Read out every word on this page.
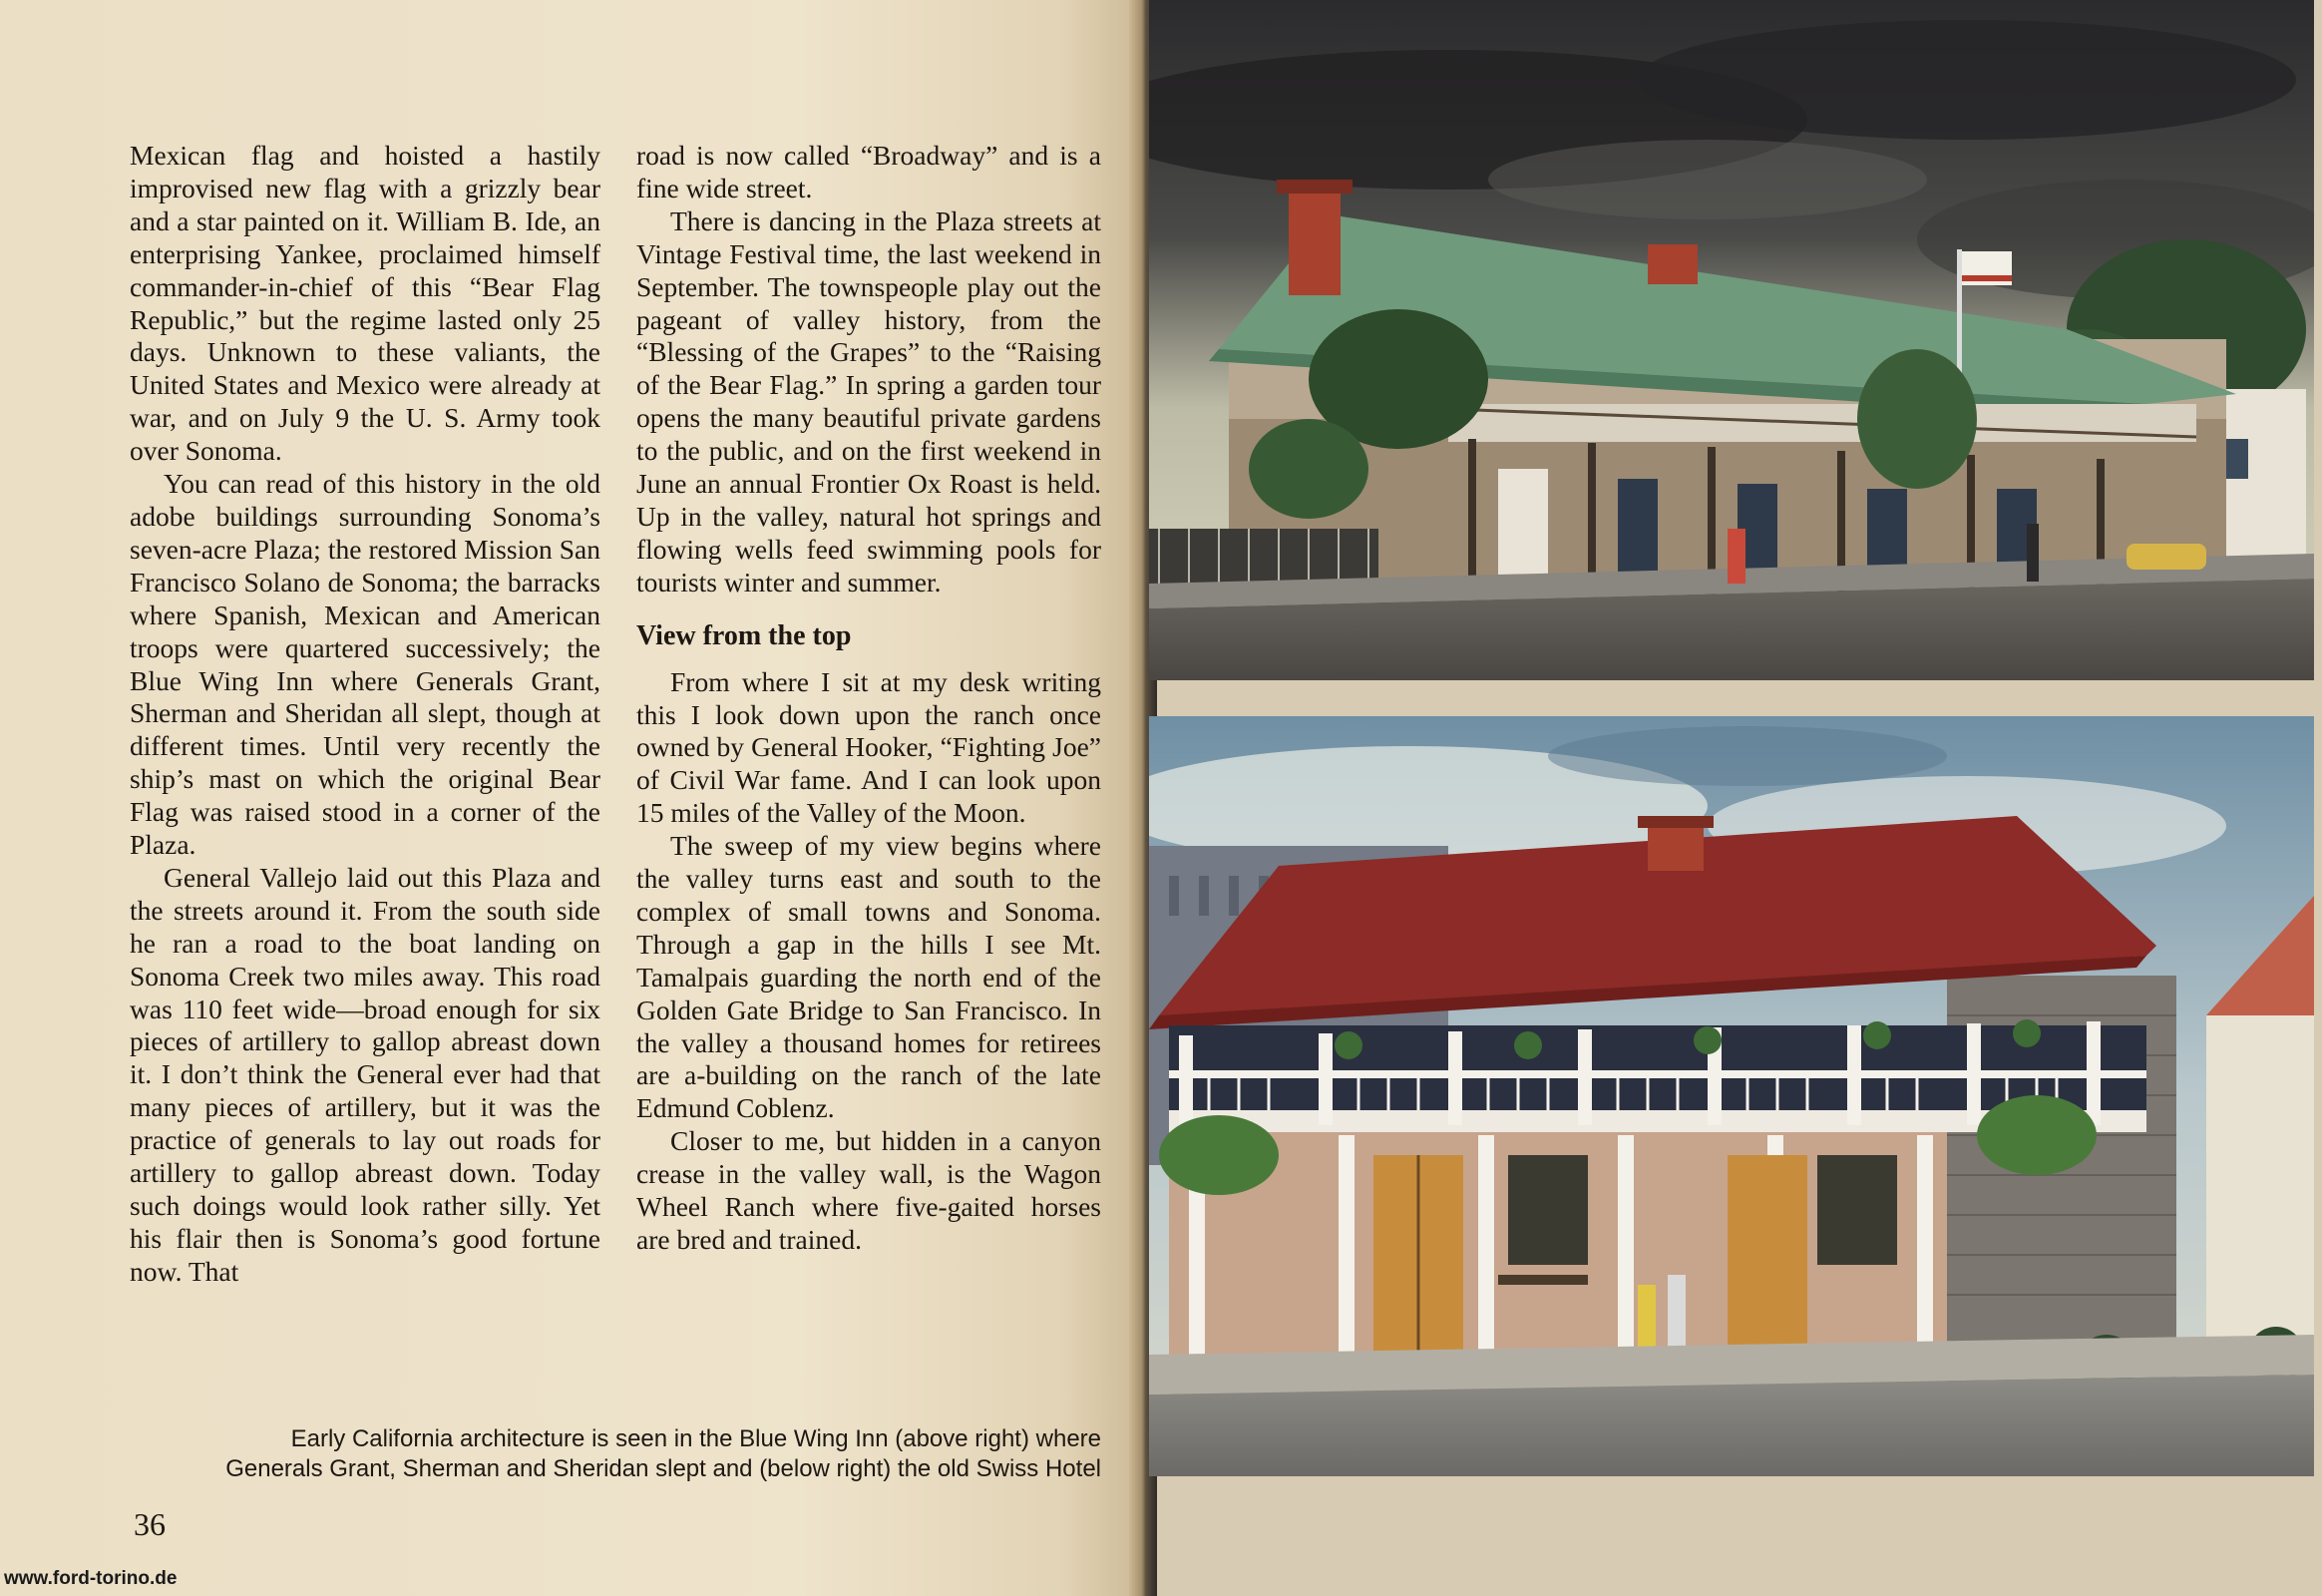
Mexican flag and hoisted a hastily improvised new flag with a grizzly bear and a star painted on it. William B. Ide, an enterprising Yankee, proclaimed himself commander-in-chief of this “Bear Flag Republic,” but the regime lasted only 25 days. Unknown to these valiants, the United States and Mexico were already at war, and on July 9 the U. S. Army took over Sonoma.

You can read of this history in the old adobe buildings surrounding Sonoma’s seven-acre Plaza; the restored Mission San Francisco Solano de Sonoma; the barracks where Spanish, Mexican and American troops were quartered successively; the Blue Wing Inn where Generals Grant, Sherman and Sheridan all slept, though at different times. Until very recently the ship’s mast on which the original Bear Flag was raised stood in a corner of the Plaza.

General Vallejo laid out this Plaza and the streets around it. From the south side he ran a road to the boat landing on Sonoma Creek two miles away. This road was 110 feet wide—broad enough for six pieces of artillery to gallop abreast down it. I don’t think the General ever had that many pieces of artillery, but it was the practice of generals to lay out roads for artillery to gallop abreast down. Today such doings would look rather silly. Yet his flair then is Sonoma’s good fortune now. That

road is now called “Broadway” and is a fine wide street.

There is dancing in the Plaza streets at Vintage Festival time, the last weekend in September. The townspeople play out the pageant of valley history, from the “Blessing of the Grapes” to the “Raising of the Bear Flag.” In spring a garden tour opens the many beautiful private gardens to the public, and on the first weekend in June an annual Frontier Ox Roast is held. Up in the valley, natural hot springs and flowing wells feed swimming pools for tourists winter and summer.

View from the top

From where I sit at my desk writing this I look down upon the ranch once owned by General Hooker, “Fighting Joe” of Civil War fame. And I can look upon 15 miles of the Valley of the Moon.

The sweep of my view begins where the valley turns east and south to the complex of small towns and Sonoma. Through a gap in the hills I see Mt. Tamalpais guarding the north end of the Golden Gate Bridge to San Francisco. In the valley a thousand homes for retirees are a-building on the ranch of the late Edmund Coblenz.

Closer to me, but hidden in a canyon crease in the valley wall, is the Wagon Wheel Ranch where five-gaited horses are bred and trained.

Early California architecture is seen in the Blue Wing Inn (above right) where
Generals Grant, Sherman and Sheridan slept and (below right) the old Swiss Hotel
36
www.ford-torino.de
